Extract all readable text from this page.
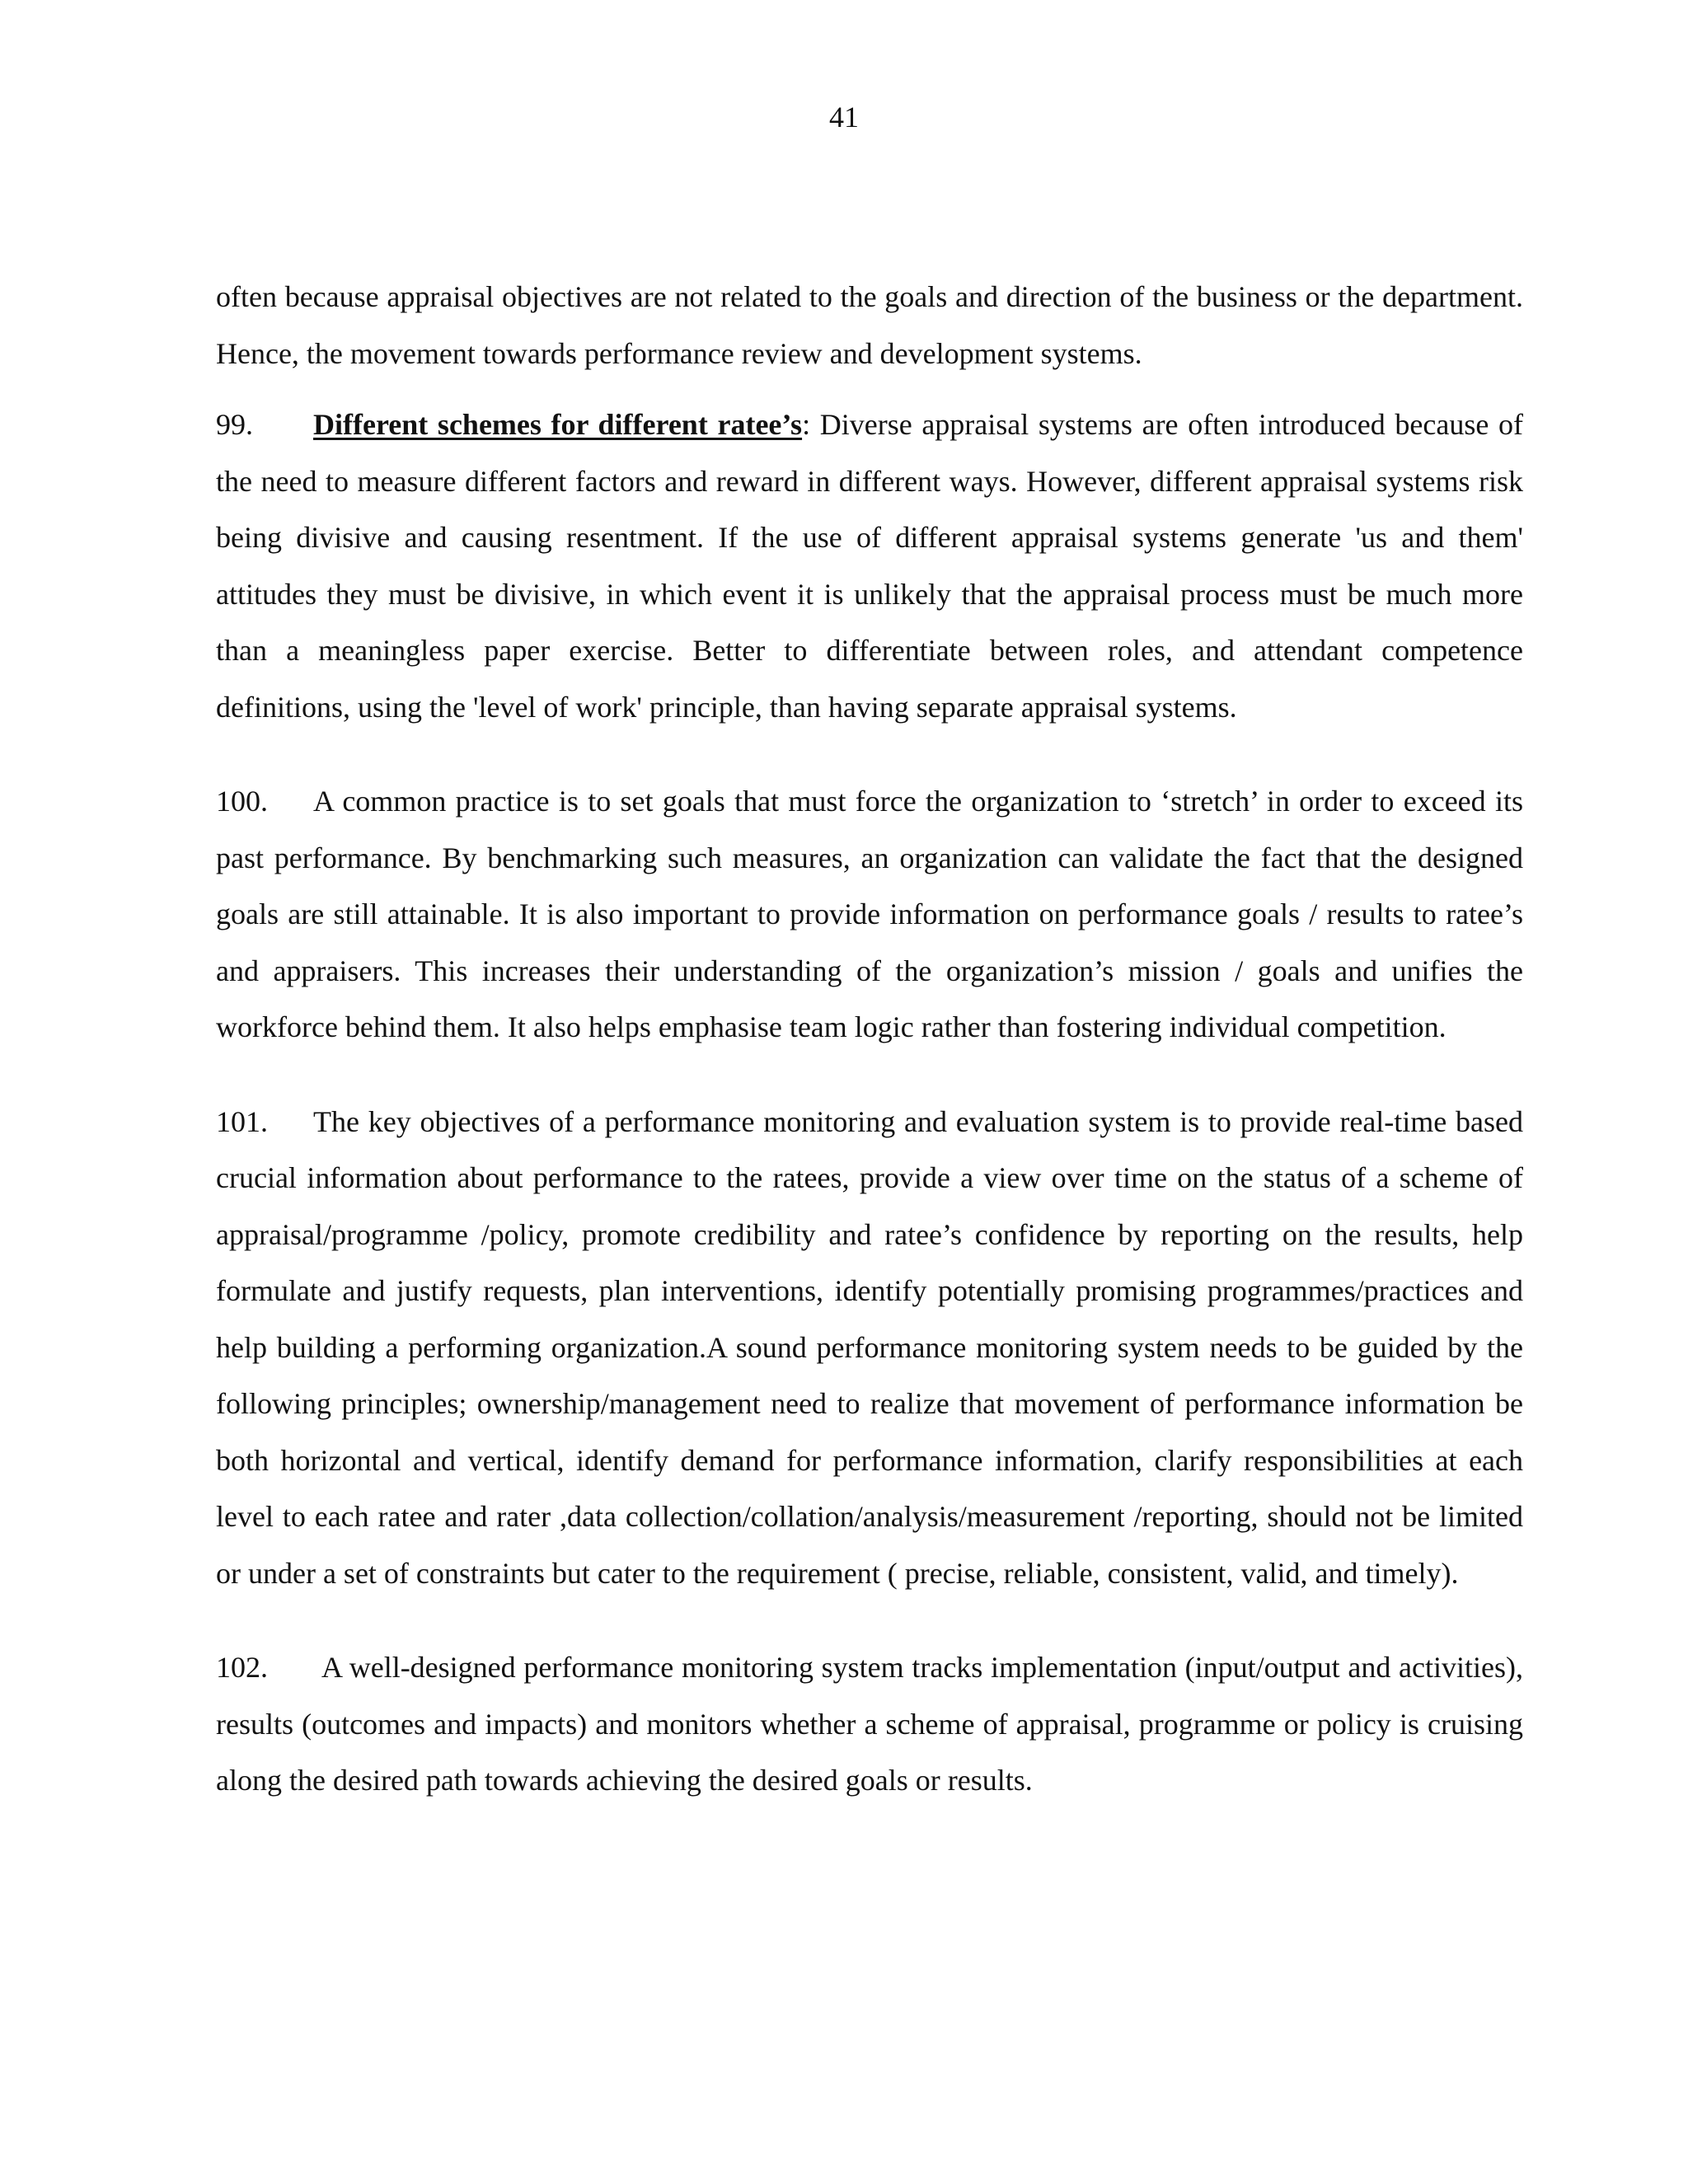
41

often because appraisal objectives are not related to the goals and direction of the business or the department. Hence, the movement towards performance review and development systems.

99. Different schemes for different ratee’s: Diverse appraisal systems are often introduced because of the need to measure different factors and reward in different ways. However, different appraisal systems risk being divisive and causing resentment. If the use of different appraisal systems generate 'us and them' attitudes they must be divisive, in which event it is unlikely that the appraisal process must be much more than a meaningless paper exercise. Better to differentiate between roles, and attendant competence definitions, using the 'level of work' principle, than having separate appraisal systems.

100. A common practice is to set goals that must force the organization to ‘stretch’ in order to exceed its past performance. By benchmarking such measures, an organization can validate the fact that the designed goals are still attainable. It is also important to provide information on performance goals / results to ratee’s and appraisers. This increases their understanding of the organization’s mission / goals and unifies the workforce behind them. It also helps emphasise team logic rather than fostering individual competition.

101. The key objectives of a performance monitoring and evaluation system is to provide real-time based crucial information about performance to the ratees, provide a view over time on the status of a scheme of appraisal/programme /policy, promote credibility and ratee’s confidence by reporting on the results, help formulate and justify requests, plan interventions, identify potentially promising programmes/practices and help building a performing organization.A sound performance monitoring system needs to be guided by the following principles; ownership/management need to realize that movement of performance information be both horizontal and vertical, identify demand for performance information, clarify responsibilities at each level to each ratee and rater ,data collection/collation/analysis/measurement /reporting, should not be limited or under a set of constraints but cater to the requirement ( precise, reliable, consistent, valid, and timely).

102. A well-designed performance monitoring system tracks implementation (input/output and activities), results (outcomes and impacts) and monitors whether a scheme of appraisal, programme or policy is cruising along the desired path towards achieving the desired goals or results.
